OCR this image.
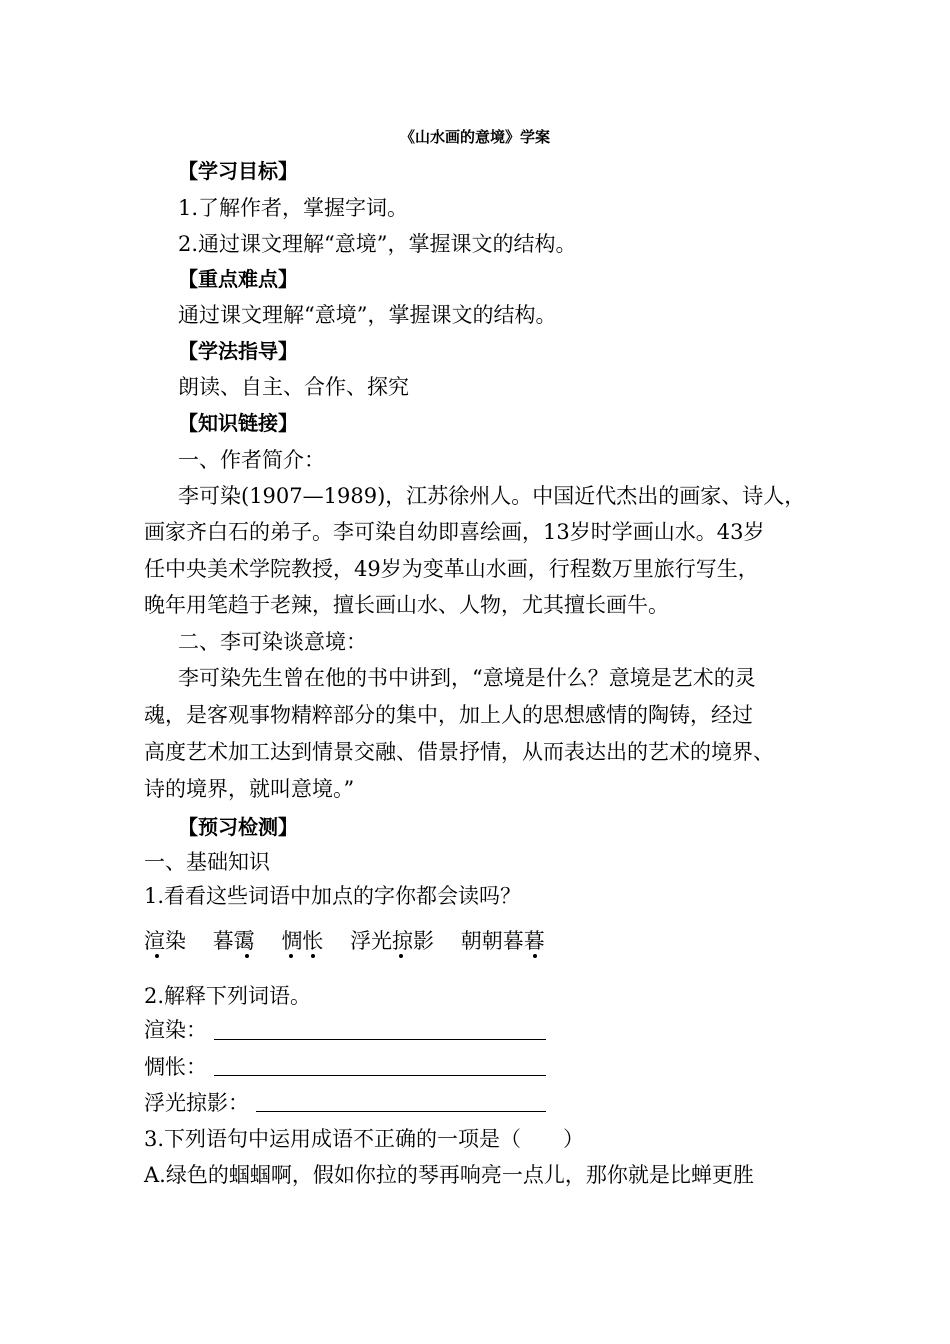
《山水画的意境》学案
【学习目标】
1.了解作者，掌握字词。
2.通过课文理解“意境”，掌握课文的结构。
【重点难点】
通过课文理解“意境”，掌握课文的结构。
【学法指导】
朗读、自主、合作、探究
【知识链接】
一、作者简介：
李可染(1907—1989)，江苏徐州人。中国近代杰出的画家、诗人，
画家齐白石的弟子。李可染自幼即喜绘画，13岁时学画山水。43岁
任中央美术学院教授，49岁为变革山水画，行程数万里旅行写生，
晚年用笔趋于老辣，擅长画山水、人物，尤其擅长画牛。
二、李可染谈意境：
李可染先生曾在他的书中讲到，“意境是什么？意境是艺术的灵
魂，是客观事物精粹部分的集中，加上人的思想感情的陶铸，经过
高度艺术加工达到情景交融、借景抒情，从而表达出的艺术的境界、
诗的境界，就叫意境。”
【预习检测】
一、基础知识
1.看看这些词语中加点的字你都会读吗？
渲染 暮霭 惆怅 浮光掠影 朝朝暮暮
2.解释下列词语。
渲染：
惆怅：
浮光掠影：
3.下列语句中运用成语不正确的一项是（　　）
A.绿色的蝈蝈啊，假如你拉的琴再响亮一点儿，那你就是比蝉更胜
